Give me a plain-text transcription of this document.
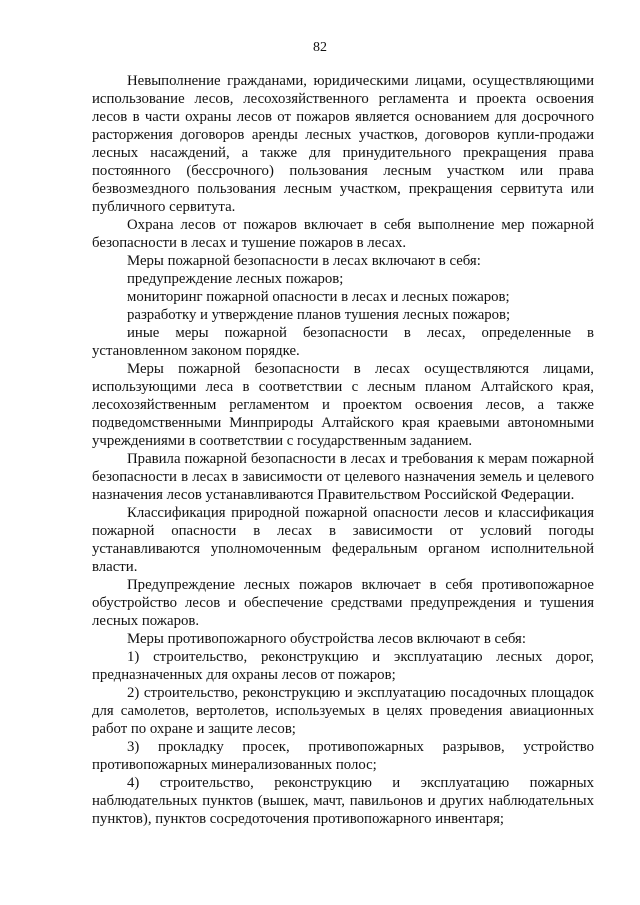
82

Невыполнение гражданами, юридическими лицами, осуществляющими использование лесов, лесохозяйственного регламента и проекта освоения лесов в части охраны лесов от пожаров является основанием для досрочного расторжения договоров аренды лесных участков, договоров купли-продажи лесных насаждений, а также для принудительного прекращения права постоянного (бессрочного) пользования лесным участком или права безвозмездного пользования лесным участком, прекращения сервитута или публичного сервитута.

Охрана лесов от пожаров включает в себя выполнение мер пожарной безопасности в лесах и тушение пожаров в лесах.

Меры пожарной безопасности в лесах включают в себя:

предупреждение лесных пожаров;

мониторинг пожарной опасности в лесах и лесных пожаров;

разработку и утверждение планов тушения лесных пожаров;

иные меры пожарной безопасности в лесах, определенные в установленном законом порядке.

Меры пожарной безопасности в лесах осуществляются лицами, использующими леса в соответствии с лесным планом Алтайского края, лесохозяйственным регламентом и проектом освоения лесов, а также подведомственными Минприроды Алтайского края краевыми автономными учреждениями в соответствии с государственным заданием.

Правила пожарной безопасности в лесах и требования к мерам пожарной безопасности в лесах в зависимости от целевого назначения земель и целевого назначения лесов устанавливаются Правительством Российской Федерации.

Классификация природной пожарной опасности лесов и классификация пожарной опасности в лесах в зависимости от условий погоды устанавливаются уполномоченным федеральным органом исполнительной власти.

Предупреждение лесных пожаров включает в себя противопожарное обустройство лесов и обеспечение средствами предупреждения и тушения лесных пожаров.

Меры противопожарного обустройства лесов включают в себя:

1) строительство, реконструкцию и эксплуатацию лесных дорог, предназначенных для охраны лесов от пожаров;

2) строительство, реконструкцию и эксплуатацию посадочных площадок для самолетов, вертолетов, используемых в целях проведения авиационных работ по охране и защите лесов;

3) прокладку просек, противопожарных разрывов, устройство противопожарных минерализованных полос;

4) строительство, реконструкцию и эксплуатацию пожарных наблюдательных пунктов (вышек, мачт, павильонов и других наблюдательных пунктов), пунктов сосредоточения противопожарного инвентаря;
